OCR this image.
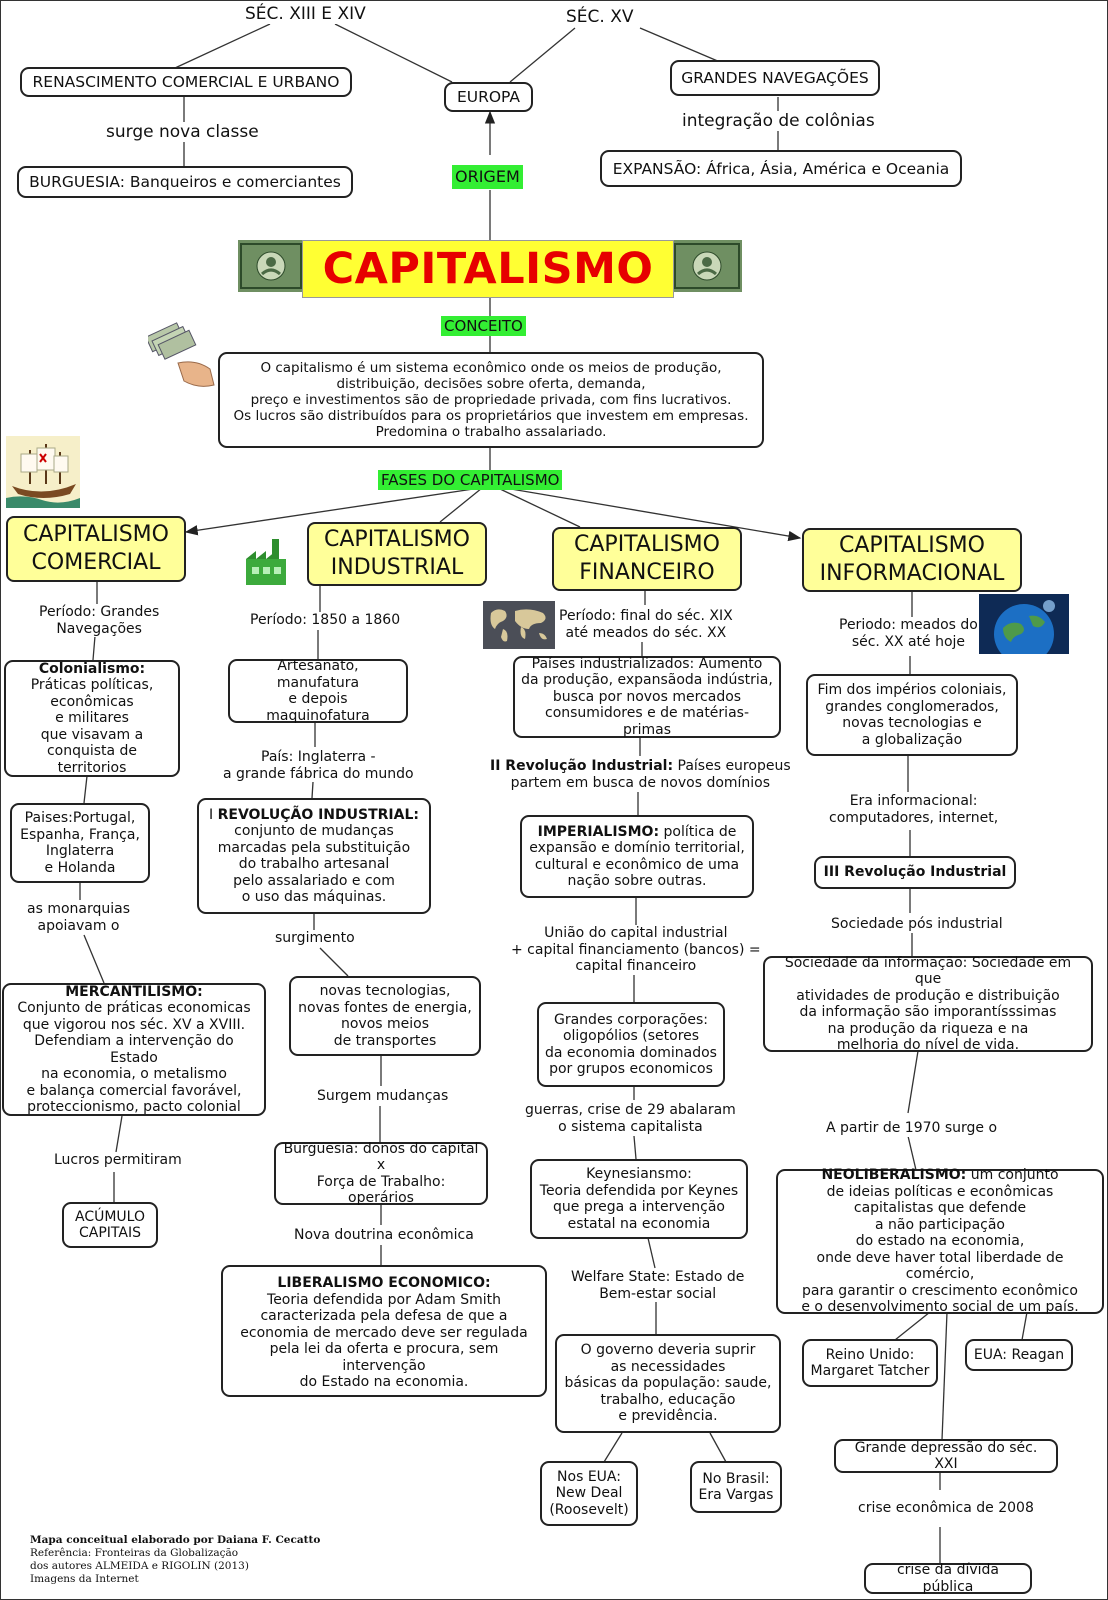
SÉC. XIII E XIV	SÉC. XV
RENASCIMENTO COMERCIAL E URBANO
surge nova classe
BURGUESIA: Banqueiros e comerciantes
EUROPA
GRANDES NAVEGAÇÕES
integração de colônias
EXPANSÃO: África, Ásia, América e Oceania
ORIGEM
CAPITALISMO
CONCEITO
O capitalismo é um sistema econômico onde os meios de produção,
distribuição, decisões sobre oferta, demanda,
preço e investimentos são de propriedade privada, com fins lucrativos.
Os lucros são distribuídos para os proprietários que investem em empresas.
Predomina o trabalho assalariado.
FASES DO CAPITALISMO
CAPITALISMO
COMERCIAL
CAPITALISMO
INDUSTRIAL
CAPITALISMO
FINANCEIRO
CAPITALISMO
INFORMACIONAL
Período: Grandes
Navegações
Colonialismo:
Práticas políticas,
econômicas
e militares
que visavam a
conquista de territorios
Paises:Portugal,
Espanha, França,
Inglaterra
e Holanda
as monarquias
apoiavam o
MERCANTILISMO:
Conjunto de práticas economicas
que vigorou nos séc. XV a XVIII.
Defendiam a intervenção do Estado
na economia, o metalismo
e balança comercial favorável,
proteccionismo, pacto colonial
Lucros permitiram
ACÚMULO
CAPITAIS
Período: 1850 a 1860
Artesanato,
manufatura
e depois maquinofatura
País: Inglaterra -
a grande fábrica do mundo
I REVOLUÇÃO INDUSTRIAL:
conjunto de mudanças
marcadas pela substituição
do trabalho artesanal
pelo assalariado e com
o uso das máquinas.
surgimento
novas tecnologias,
novas fontes de energia,
novos meios
de transportes
Surgem mudanças
Burguesia: donos do capital
x
Força de Trabalho: operários
Nova doutrina econômica
LIBERALISMO ECONOMICO:
Teoria defendida por Adam Smith
caracterizada pela defesa de que a
economia de mercado deve ser regulada
pela lei da oferta e procura, sem intervenção
do Estado na economia.
Período: final do séc. XIX
até meados do séc. XX
Países industrializados: Aumento
da produção, expansãoda indústria,
busca por novos mercados
consumidores e de matérias-primas
II Revolução Industrial: Países europeus
partem em busca de novos domínios
IMPERIALISMO: política de
expansão e domínio territorial,
cultural e econômico de uma
nação sobre outras.
União do capital industrial
+ capital financiamento (bancos) =
capital financeiro
Grandes corporações:
oligopólios (setores
da economia dominados
por grupos economicos
guerras, crise de 29 abalaram
o sistema capitalista
Keynesiansmo:
Teoria defendida por Keynes
que prega a intervenção
estatal na economia
Welfare State: Estado de
Bem-estar social
O governo deveria suprir
as necessidades
básicas da população: saude,
trabalho, educação
e previdência.
Nos EUA:
New Deal
(Roosevelt)
No Brasil:
Era Vargas
Periodo: meados do
séc. XX até hoje
Fim dos impérios coloniais,
grandes conglomerados,
novas tecnologias e
a globalização
Era informacional:
computadores, internet,
III Revolução Industrial
Sociedade pós industrial
Sociedade da informação: Sociedade em que
atividades de produção e distribuição
da informação são imporantísssimas
na produção da riqueza e na
melhoria do nível de vida.
A partir de 1970 surge o
NEOLIBERALISMO: um conjunto
de ideias políticas e econômicas
capitalistas que defende
a não participação
do estado na economia,
onde deve haver total liberdade de comércio,
para garantir o crescimento econômico
e o desenvolvimento social de um país.
Reino Unido:
Margaret Tatcher
EUA: Reagan
Grande depressão do séc. XXI
crise econômica de 2008
crise da dívida pública
Mapa conceitual elaborado por Daiana F. Cecatto
Referência: Fronteiras da Globalização
dos autores ALMEIDA e RIGOLIN (2013)
Imagens da Internet
